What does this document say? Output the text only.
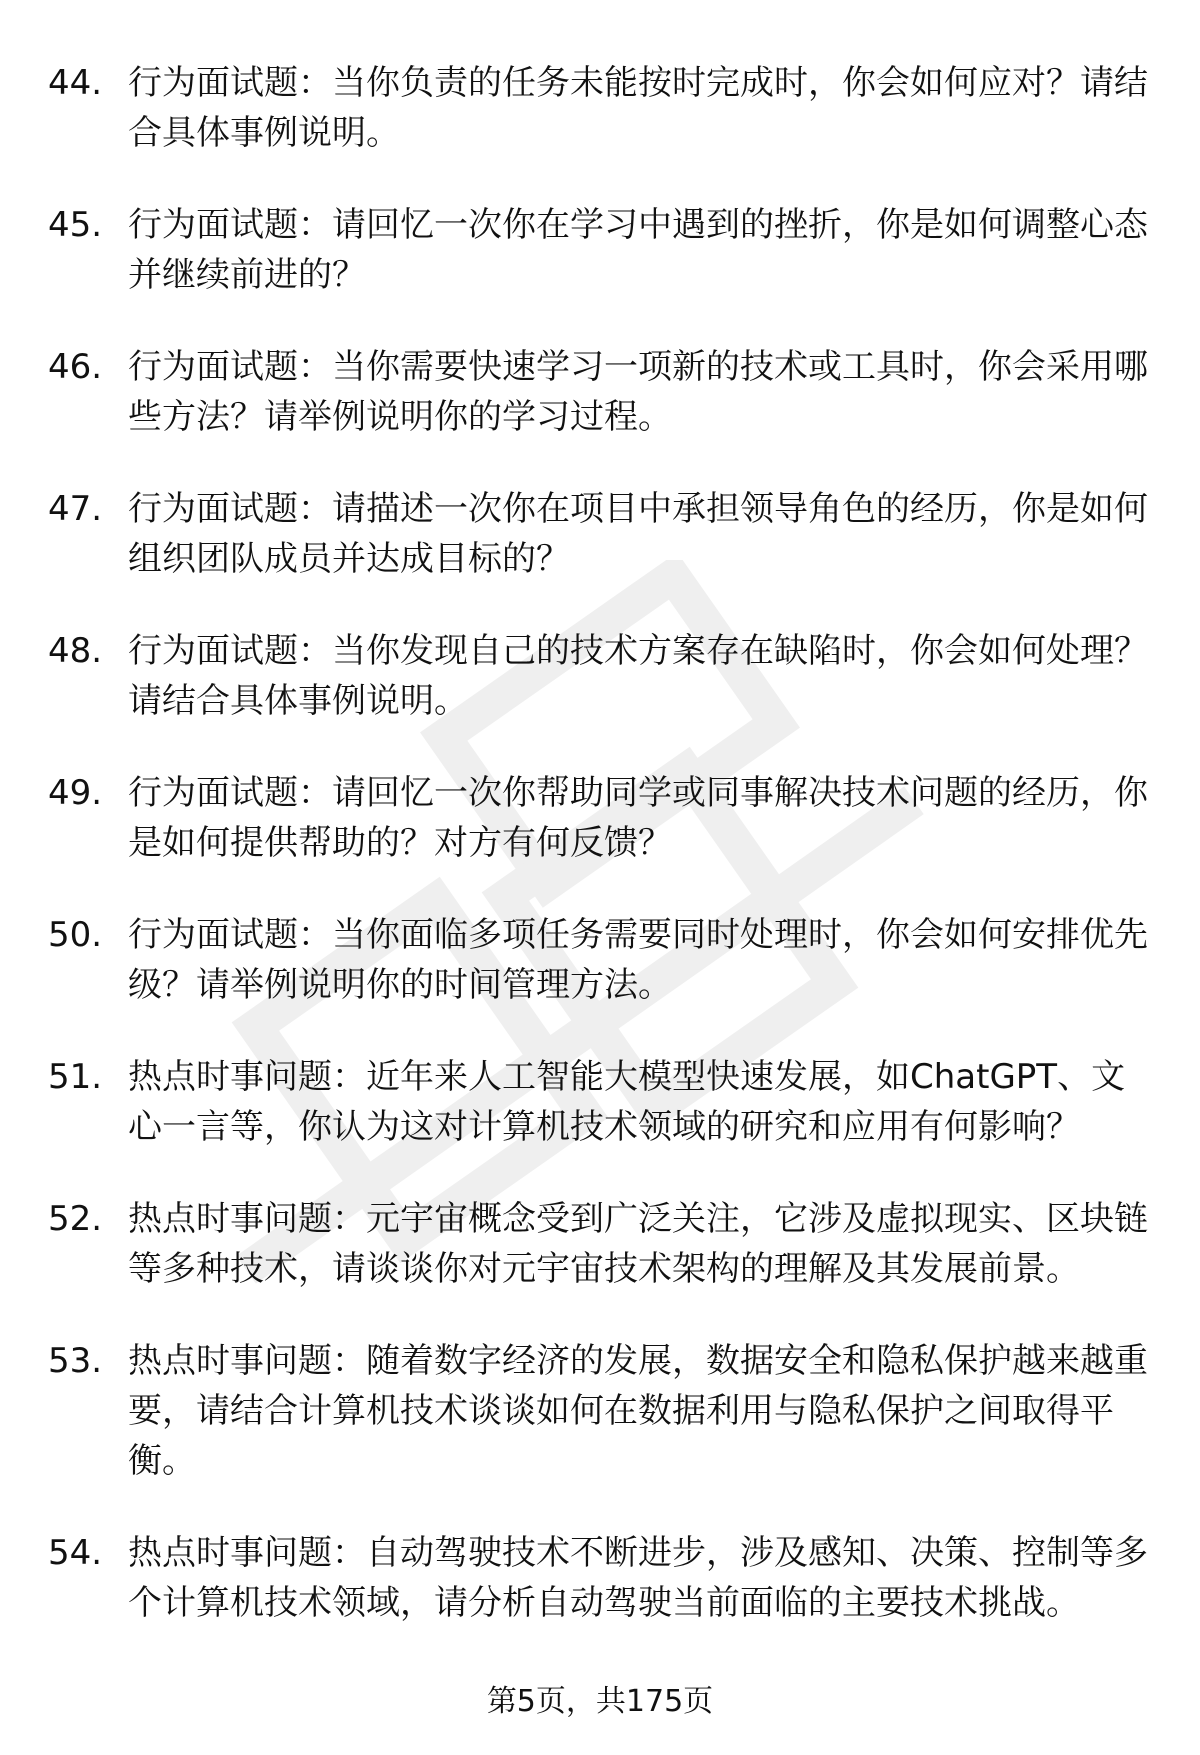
44. 行为面试题：当你负责的任务未能按时完成时，你会如何应对？请结合具体事例说明。
45. 行为面试题：请回忆一次你在学习中遇到的挫折，你是如何调整心态并继续前进的？
46. 行为面试题：当你需要快速学习一项新的技术或工具时，你会采用哪些方法？请举例说明你的学习过程。
47. 行为面试题：请描述一次你在项目中承担领导角色的经历，你是如何组织团队成员并达成目标的？
48. 行为面试题：当你发现自己的技术方案存在缺陷时，你会如何处理？请结合具体事例说明。
49. 行为面试题：请回忆一次你帮助同学或同事解决技术问题的经历，你是如何提供帮助的？对方有何反馈？
50. 行为面试题：当你面临多项任务需要同时处理时，你会如何安排优先级？请举例说明你的时间管理方法。
51. 热点时事问题：近年来人工智能大模型快速发展，如ChatGPT、文心一言等，你认为这对计算机技术领域的研究和应用有何影响？
52. 热点时事问题：元宇宙概念受到广泛关注，它涉及虚拟现实、区块链等多种技术，请谈谈你对元宇宙技术架构的理解及其发展前景。
53. 热点时事问题：随着数字经济的发展，数据安全和隐私保护越来越重要，请结合计算机技术谈谈如何在数据利用与隐私保护之间取得平衡。
54. 热点时事问题：自动驾驶技术不断进步，涉及感知、决策、控制等多个计算机技术领域，请分析自动驾驶当前面临的主要技术挑战。
第5页，共175页
